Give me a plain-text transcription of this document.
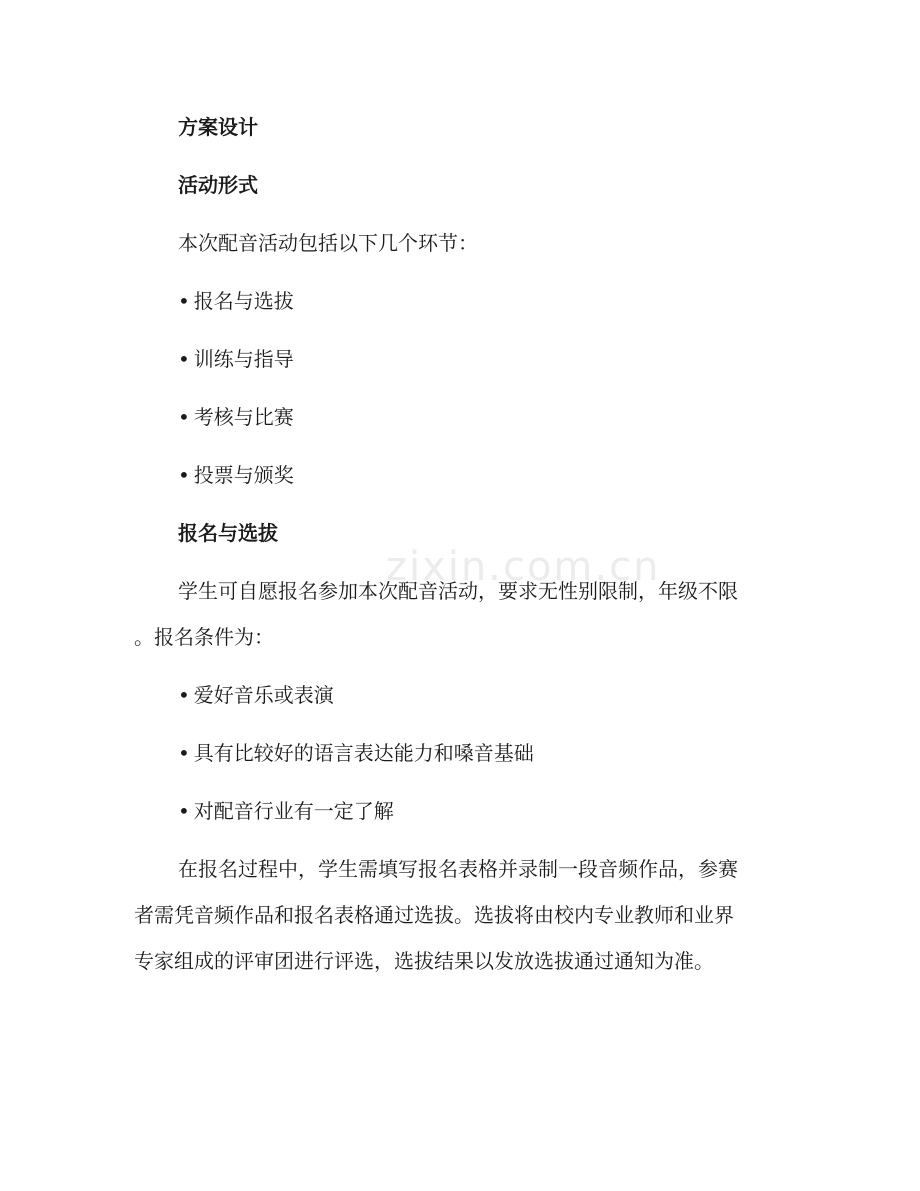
方案设计
活动形式
本次配音活动包括以下几个环节：
• 报名与选拔
• 训练与指导
• 考核与比赛
• 投票与颁奖
报名与选拔
学生可自愿报名参加本次配音活动，要求无性别限制，年级不限
。报名条件为：
• 爱好音乐或表演
• 具有比较好的语言表达能力和嗓音基础
• 对配音行业有一定了解
在报名过程中，学生需填写报名表格并录制一段音频作品，参赛
者需凭音频作品和报名表格通过选拔。选拔将由校内专业教师和业界
专家组成的评审团进行评选，选拔结果以发放选拔通过通知为准。
zixin.com.cn
